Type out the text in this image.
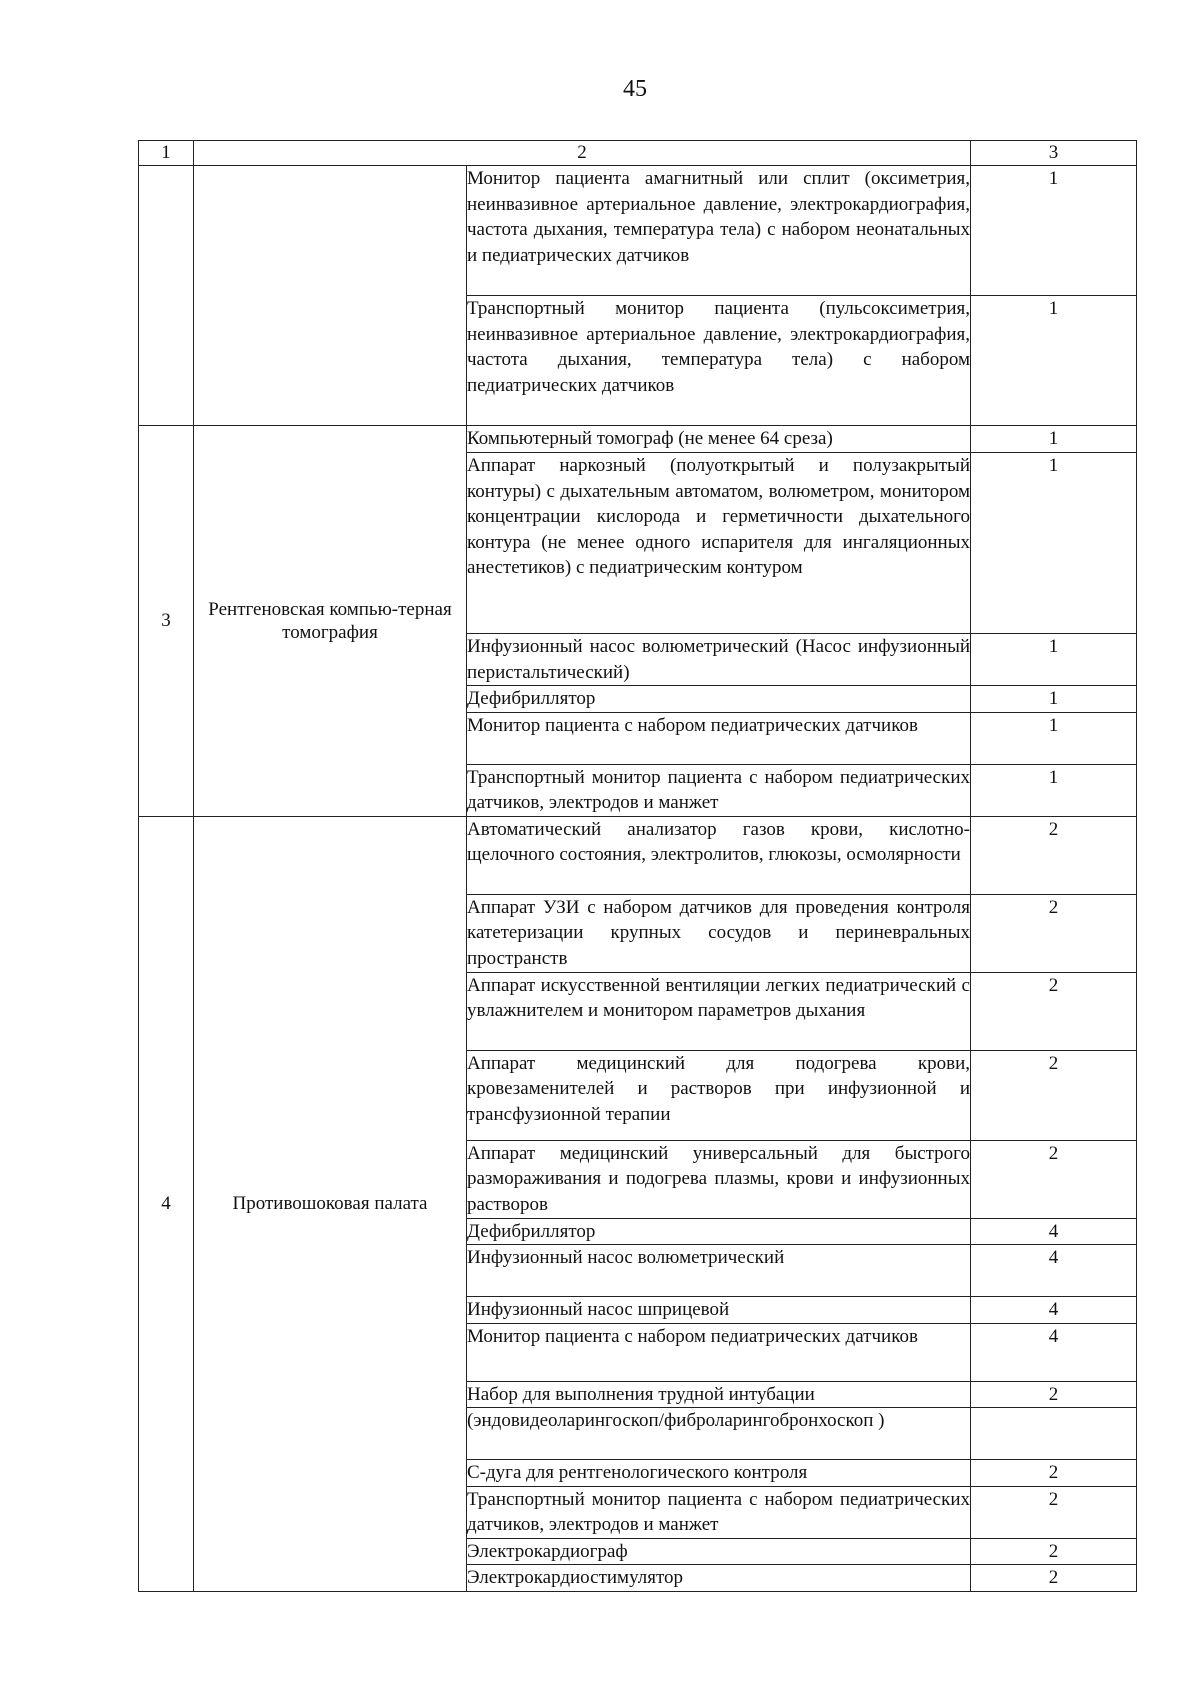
45
1	2		3
		Монитор пациента амагнитный или сплит (оксиметрия, неинвазивное артериальное давление, электрокардиография, частота дыхания, температура тела) с набором неонатальных и педиатрических датчиков	1
		Транспортный монитор пациента (пульсоксиметрия, неинвазивное артериальное давление, электрокардиография, частота дыхания, температура тела) с набором педиатрических датчиков	1
3	Рентгеновская компью-терная томография	Компьютерный томограф (не менее 64 среза)	1
		Аппарат наркозный (полуоткрытый и полузакрытый контуры) с дыхательным автоматом, волюметром, монитором концентрации кислорода и герметичности дыхательного контура (не менее одного испарителя для ингаляционных анестетиков) с педиатрическим контуром	1
		Инфузионный насос волюметрический (Насос инфузионный перистальтический)	1
		Дефибриллятор	1
		Монитор пациента с набором педиатрических датчиков	1
		Транспортный монитор пациента с набором педиатрических датчиков, электродов и манжет	1
4	Противошоковая палата	Автоматический анализатор газов крови, кислотно-щелочного состояния, электролитов, глюкозы, осмолярности	2
		Аппарат УЗИ с набором датчиков для проведения контроля катетеризации крупных сосудов и периневральных пространств	2
		Аппарат искусственной вентиляции легких педиатрический с увлажнителем и монитором параметров дыхания	2
		Аппарат медицинский для подогрева крови, кровезаменителей и растворов при инфузионной и трансфузионной терапии	2
		Аппарат медицинский универсальный для быстрого размораживания и подогрева плазмы, крови и инфузионных растворов	2
		Дефибриллятор	4
		Инфузионный насос волюметрический	4
		Инфузионный насос шприцевой	4
		Монитор пациента с набором педиатрических датчиков	4
		Набор для выполнения трудной интубации	2
		(эндовидеоларингоскоп/фиброларингобронхоскоп )	
		С-дуга для рентгенологического контроля	2
		Транспортный монитор пациента с набором педиатрических датчиков, электродов и манжет	2
		Электрокардиограф	2
		Электрокардиостимулятор	2
